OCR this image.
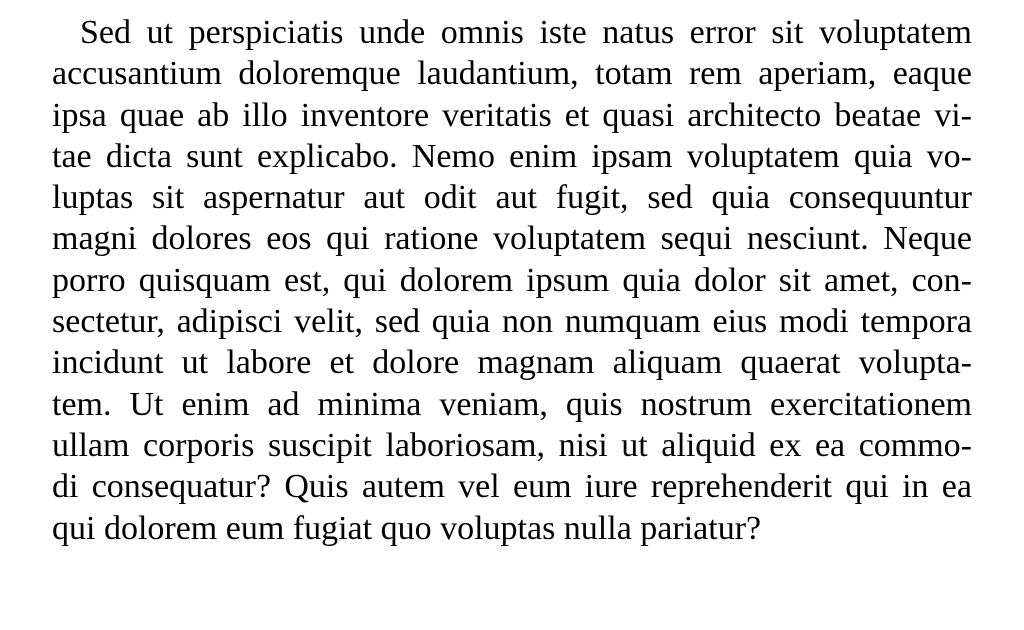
Sed ut perspiciatis unde omnis iste natus error sit voluptatem
accusantium doloremque laudantium, totam rem aperiam, eaque
ipsa quae ab illo inventore veritatis et quasi architecto beatae vi-
tae dicta sunt explicabo. Nemo enim ipsam voluptatem quia vo-
luptas sit aspernatur aut odit aut fugit, sed quia consequuntur
magni dolores eos qui ratione voluptatem sequi nesciunt. Neque
porro quisquam est, qui dolorem ipsum quia dolor sit amet, con-
sectetur, adipisci velit, sed quia non numquam eius modi tempora
incidunt ut labore et dolore magnam aliquam quaerat volupta-
tem. Ut enim ad minima veniam, quis nostrum exercitationem
ullam corporis suscipit laboriosam, nisi ut aliquid ex ea commo-
di consequatur? Quis autem vel eum iure reprehenderit qui in ea
qui dolorem eum fugiat quo voluptas nulla pariatur?
